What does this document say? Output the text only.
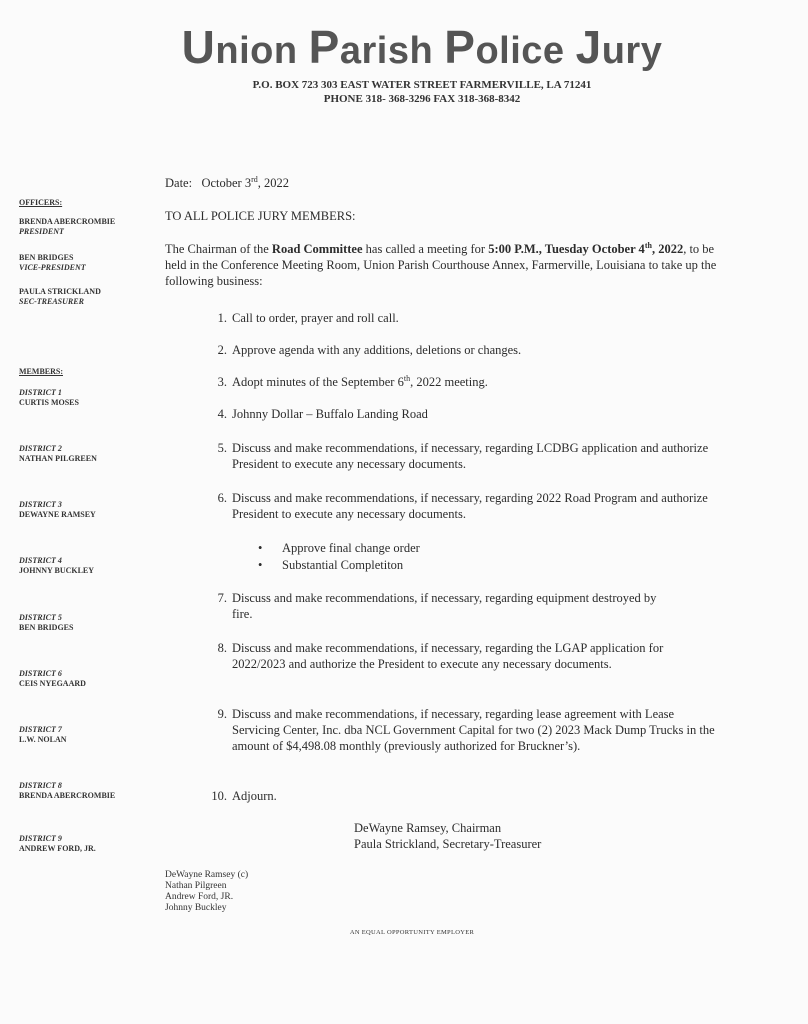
Union Parish Police Jury
P.O. BOX 723 303 EAST WATER STREET FARMERVILLE, LA 71241
PHONE 318- 368-3296 FAX 318-368-8342
OFFICERS:
BRENDA ABERCROMBIE
PRESIDENT
BEN BRIDGES
VICE-PRESIDENT
PAULA STRICKLAND
SEC-TREASURER
MEMBERS:
DISTRICT 1
CURTIS MOSES
DISTRICT 2
NATHAN PILGREEN
DISTRICT 3
DEWAYNE RAMSEY
DISTRICT 4
JOHNNY BUCKLEY
DISTRICT 5
BEN BRIDGES
DISTRICT 6
CEIS NYEGAARD
DISTRICT 7
L.W. NOLAN
DISTRICT 8
BRENDA ABERCROMBIE
DISTRICT 9
ANDREW FORD, JR.
Date: October 3rd, 2022
TO ALL POLICE JURY MEMBERS:
The Chairman of the Road Committee has called a meeting for 5:00 P.M., Tuesday October 4th, 2022, to be held in the Conference Meeting Room, Union Parish Courthouse Annex, Farmerville, Louisiana to take up the following business:
1. Call to order, prayer and roll call.
2. Approve agenda with any additions, deletions or changes.
3. Adopt minutes of the September 6th, 2022 meeting.
4. Johnny Dollar – Buffalo Landing Road
5. Discuss and make recommendations, if necessary, regarding LCDBG application and authorize President to execute any necessary documents.
6. Discuss and make recommendations, if necessary, regarding 2022 Road Program and authorize President to execute any necessary documents.
• Approve final change order
• Substantial Completiton
7. Discuss and make recommendations, if necessary, regarding equipment destroyed by fire.
8. Discuss and make recommendations, if necessary, regarding the LGAP application for 2022/2023 and authorize the President to execute any necessary documents.
9. Discuss and make recommendations, if necessary, regarding lease agreement with Lease Servicing Center, Inc. dba NCL Government Capital for two (2) 2023 Mack Dump Trucks in the amount of $4,498.08 monthly (previously authorized for Bruckner’s).
10. Adjourn.
DeWayne Ramsey, Chairman
Paula Strickland, Secretary-Treasurer
DeWayne Ramsey (c)
Nathan Pilgreen
Andrew Ford, JR.
Johnny Buckley
AN EQUAL OPPORTUNITY EMPLOYER
